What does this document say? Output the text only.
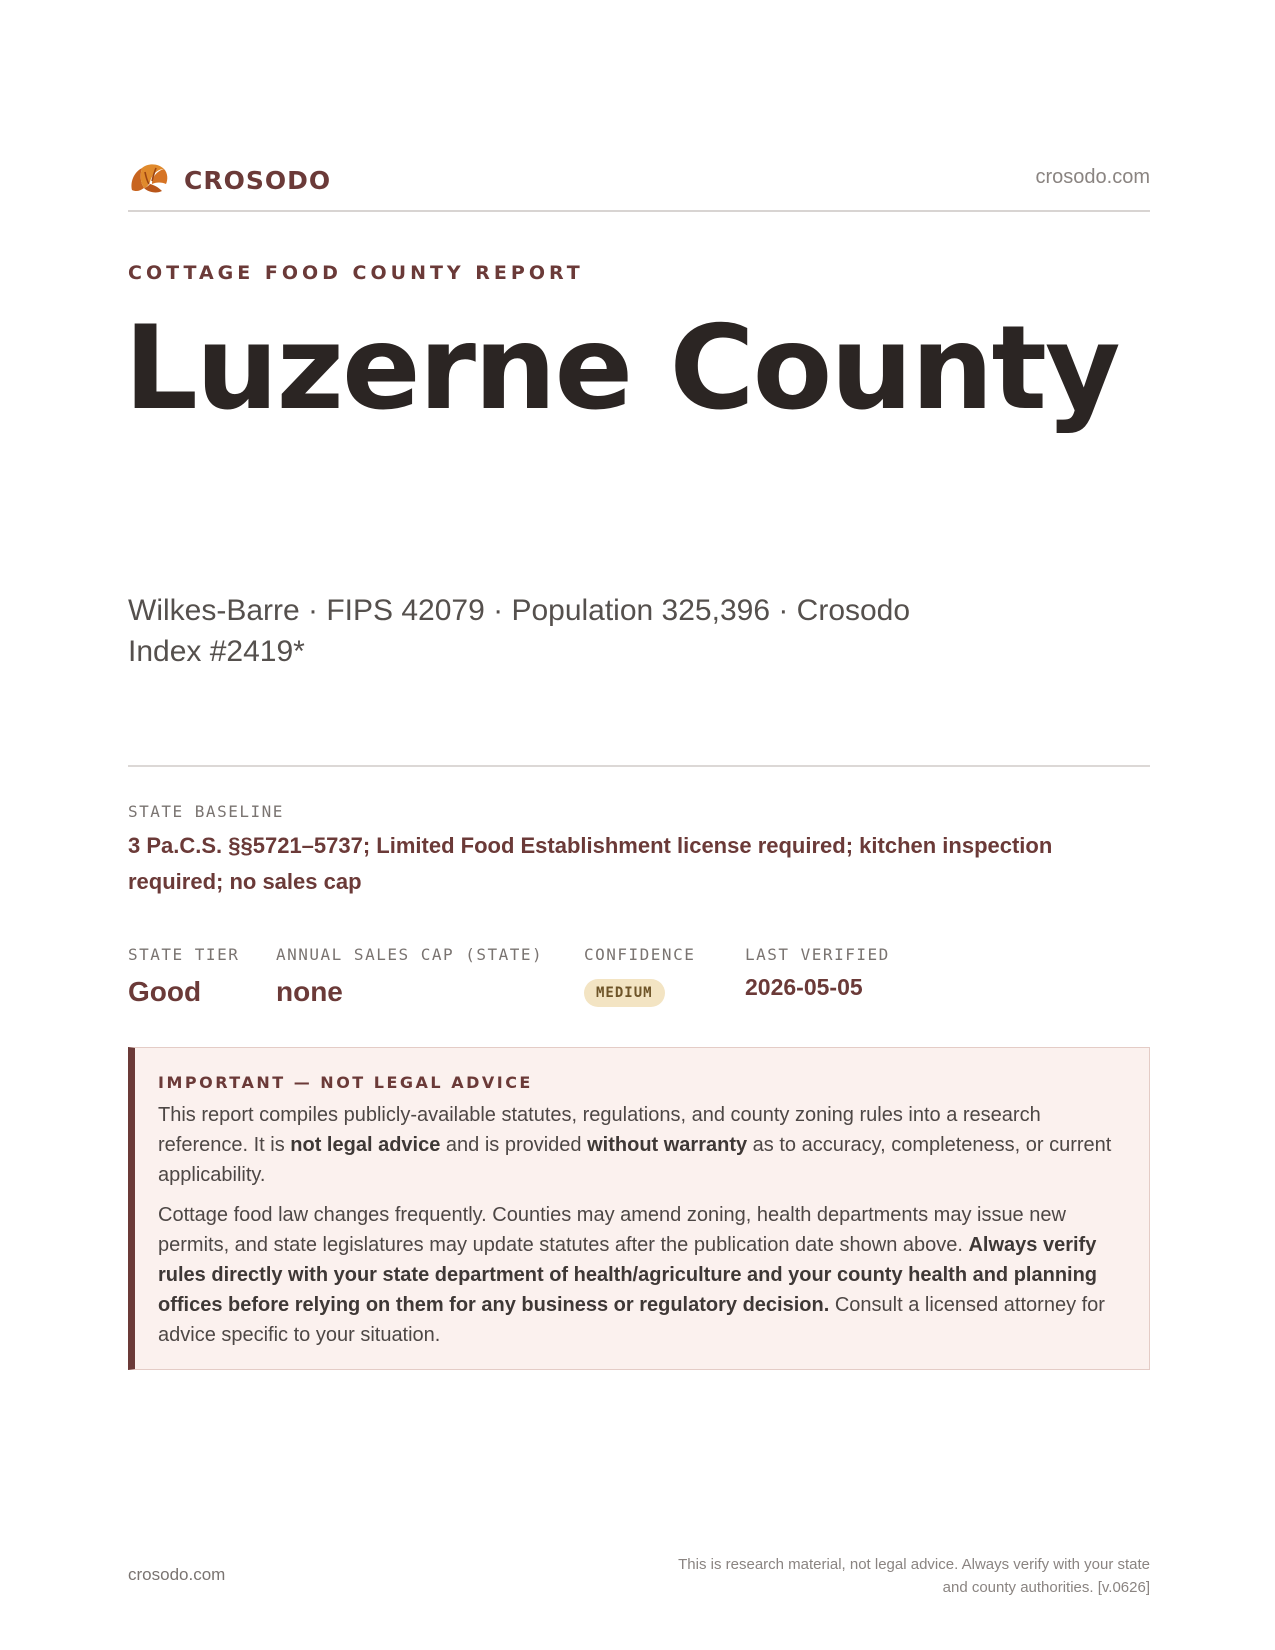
CROSODO	crosodo.com
COTTAGE FOOD COUNTY REPORT
Luzerne County
Wilkes-Barre · FIPS 42079 · Population 325,396 · Crosodo Index #2419*
STATE BASELINE
3 Pa.C.S. §§5721–5737; Limited Food Establishment license required; kitchen inspection required; no sales cap
STATE TIER
Good
ANNUAL SALES CAP (STATE)
none
CONFIDENCE
MEDIUM
LAST VERIFIED
2026-05-05
IMPORTANT — NOT LEGAL ADVICE

This report compiles publicly-available statutes, regulations, and county zoning rules into a research reference. It is not legal advice and is provided without warranty as to accuracy, completeness, or current applicability.

Cottage food law changes frequently. Counties may amend zoning, health departments may issue new permits, and state legislatures may update statutes after the publication date shown above. Always verify rules directly with your state department of health/agriculture and your county health and planning offices before relying on them for any business or regulatory decision. Consult a licensed attorney for advice specific to your situation.

crosodo.com
This is research material, not legal advice. Always verify with your state
and county authorities. [v.0626]
